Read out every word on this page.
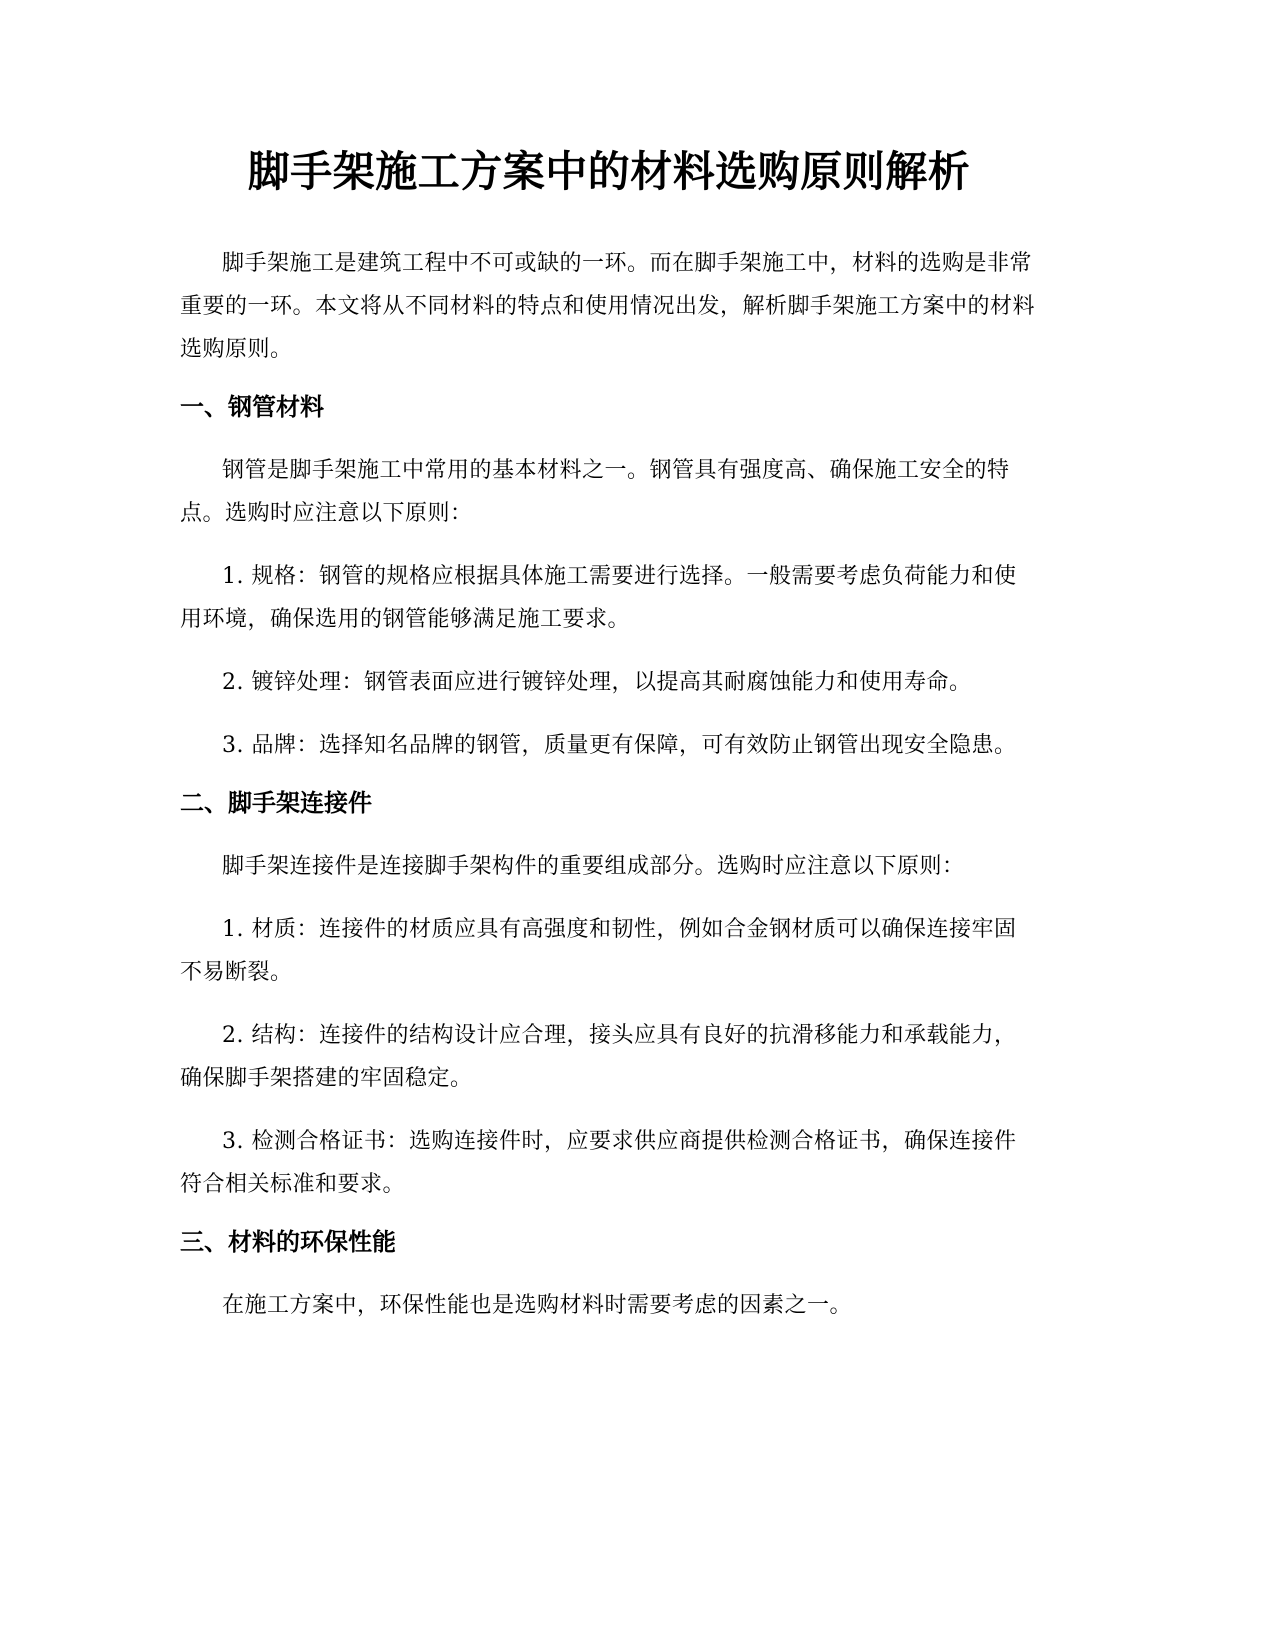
脚手架施工方案中的材料选购原则解析

脚手架施工是建筑工程中不可或缺的一环。而在脚手架施工中，材料的选购是非常重要的一环。本文将从不同材料的特点和使用情况出发，解析脚手架施工方案中的材料选购原则。

一、钢管材料

钢管是脚手架施工中常用的基本材料之一。钢管具有强度高、确保施工安全的特点。选购时应注意以下原则：

1. 规格：钢管的规格应根据具体施工需要进行选择。一般需要考虑负荷能力和使用环境，确保选用的钢管能够满足施工要求。

2. 镀锌处理：钢管表面应进行镀锌处理，以提高其耐腐蚀能力和使用寿命。

3. 品牌：选择知名品牌的钢管，质量更有保障，可有效防止钢管出现安全隐患。

二、脚手架连接件

脚手架连接件是连接脚手架构件的重要组成部分。选购时应注意以下原则：

1. 材质：连接件的材质应具有高强度和韧性，例如合金钢材质可以确保连接牢固不易断裂。

2. 结构：连接件的结构设计应合理，接头应具有良好的抗滑移能力和承载能力，确保脚手架搭建的牢固稳定。

3. 检测合格证书：选购连接件时，应要求供应商提供检测合格证书，确保连接件符合相关标准和要求。

三、材料的环保性能

在施工方案中，环保性能也是选购材料时需要考虑的因素之一。
